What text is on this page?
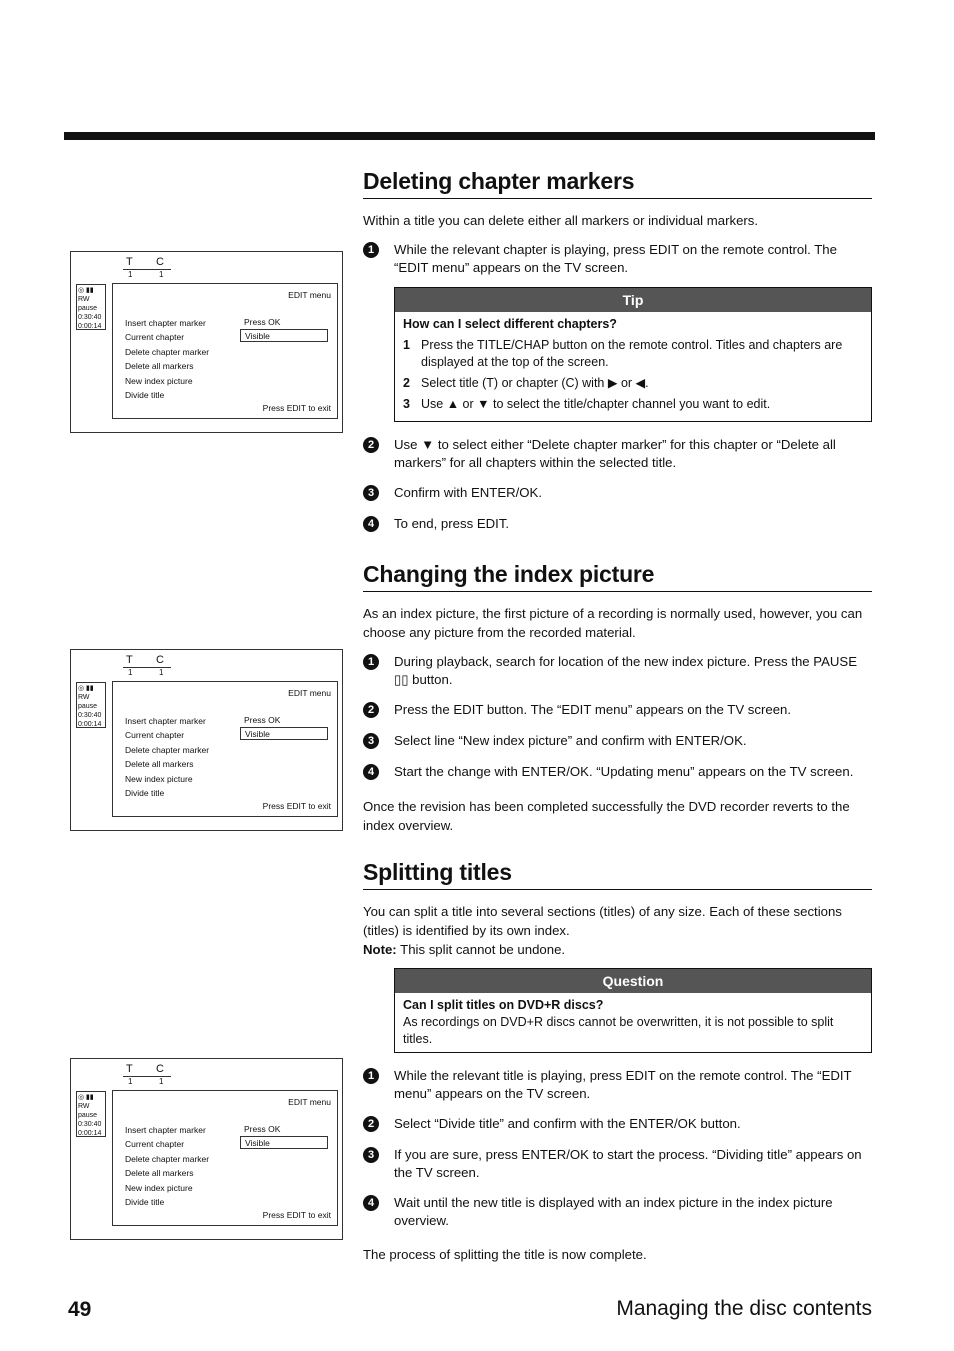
T C
1	1
◎ ▮▮
RW pause
0:30:40
0:00:14
EDIT menu
Insert chapter marker
Current chapter
Delete chapter marker
Delete all markers
New index picture
Divide title
Press OK
Visible
Press EDIT to exit
T C
1	1
◎ ▮▮
RW pause
0:30:40
0:00:14
EDIT menu
Insert chapter marker
Current chapter
Delete chapter marker
Delete all markers
New index picture
Divide title
Press OK
Visible
Press EDIT to exit
T C
1	1
◎ ▮▮
RW pause
0:30:40
0:00:14
EDIT menu
Insert chapter marker
Current chapter
Delete chapter marker
Delete all markers
New index picture
Divide title
Press OK
Visible
Press EDIT to exit
Deleting chapter markers

Within a title you can delete either all markers or individual markers.

1	While the relevant chapter is playing, press EDIT on the remote control. The “EDIT menu” appears on the TV screen.
Tip
How can I select different chapters?
1 Press the TITLE/CHAP button on the remote control. Titles and chapters are displayed at the top of the screen.
2 Select title (T) or chapter (C) with ▶ or ◀.
3 Use ▲ or ▼ to select the title/chapter channel you want to edit.
2	Use ▼ to select either “Delete chapter marker” for this chapter or “Delete all markers” for all chapters within the selected title.
3	Confirm with ENTER/OK.
4	To end, press EDIT.
Changing the index picture

As an index picture, the first picture of a recording is normally used, however, you can choose any picture from the recorded material.

1	During playback, search for location of the new index picture. Press the PAUSE ▯▯ button.
2	Press the EDIT button. The “EDIT menu” appears on the TV screen.
3	Select line “New index picture” and confirm with ENTER/OK.
4	Start the change with ENTER/OK. “Updating menu” appears on the TV screen.

Once the revision has been completed successfully the DVD recorder reverts to the index overview.

Splitting titles

You can split a title into several sections (titles) of any size. Each of these sections (titles) is identified by its own index.

Note: This split cannot be undone.

Question
Can I split titles on DVD+R discs?
As recordings on DVD+R discs cannot be overwritten, it is not possible to split titles.
1	While the relevant title is playing, press EDIT on the remote control. The “EDIT menu” appears on the TV screen.
2	Select “Divide title” and confirm with the ENTER/OK button.
3	If you are sure, press ENTER/OK to start the process. “Dividing title” appears on the TV screen.
4	Wait until the new title is displayed with an index picture in the index picture overview.

The process of splitting the title is now complete.

49	Managing the disc contents
